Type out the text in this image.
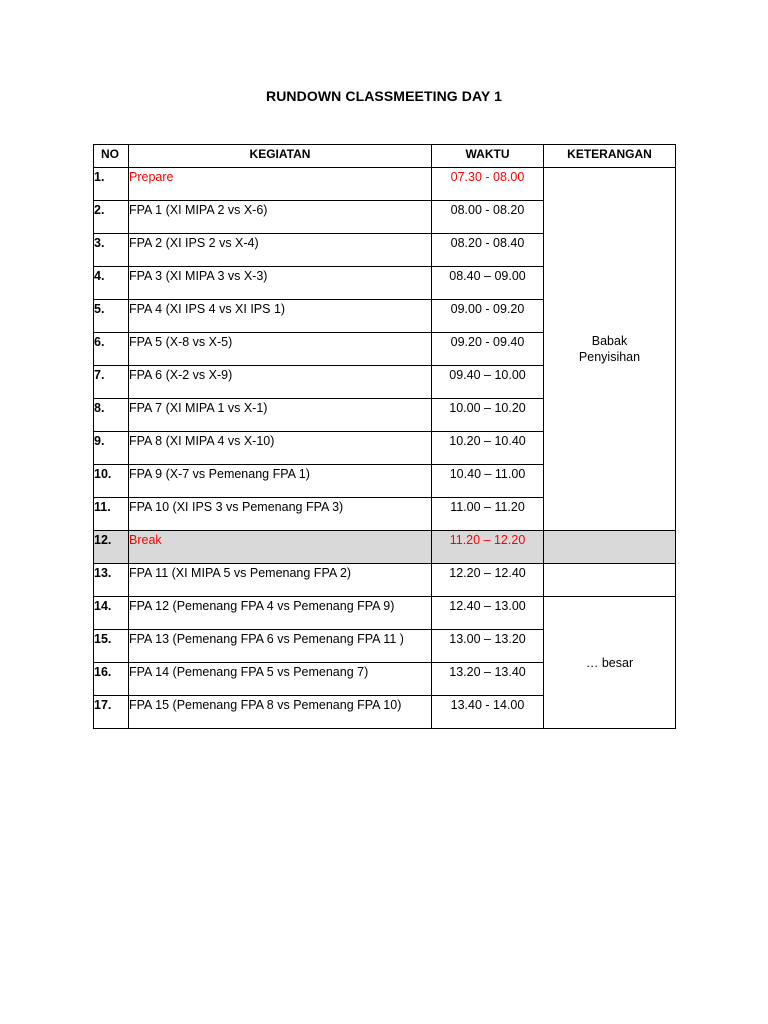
RUNDOWN CLASSMEETING DAY 1
NO	KEGIATAN	WAKTU	KETERANGAN
1.	Prepare	07.30 - 08.00	Babak
Penyisihan

2.	FPA 1 (XI MIPA 2 vs X-6)	08.00 - 08.20	
3.	FPA 2 (XI IPS 2 vs X-4)	08.20 - 08.40	
4.	FPA 3 (XI MIPA 3 vs X-3)	08.40 – 09.00	
5.	FPA 4 (XI IPS 4 vs XI IPS 1)	09.00 - 09.20	
6.	FPA 5 (X-8 vs X-5)	09.20 - 09.40	
7.	FPA 6 (X-2 vs X-9)	09.40 – 10.00	
8.	FPA 7 (XI MIPA 1 vs X-1)	10.00 – 10.20	
9.	FPA 8 (XI MIPA 4 vs X-10)	10.20 – 10.40	
10.	FPA 9 (X-7 vs Pemenang FPA 1)	10.40 – 11.00	
11.	FPA 10 (XI IPS 3 vs Pemenang FPA 3)	11.00 – 11.20	
12.	Break	11.20 – 12.20	

13.	FPA 11 (XI MIPA 5 vs Pemenang FPA 2)	12.20 – 12.40	

14.	FPA 12 (Pemenang FPA 4 vs Pemenang FPA 9)	12.40 – 13.00	… besar

15.	FPA 13 (Pemenang FPA 6 vs Pemenang FPA 11 )	13.00 – 13.20	
16.	FPA 14 (Pemenang FPA 5 vs Pemenang 7)	13.20 – 13.40	
17.	FPA 15 (Pemenang FPA 8 vs Pemenang FPA 10)	13.40 - 14.00	
